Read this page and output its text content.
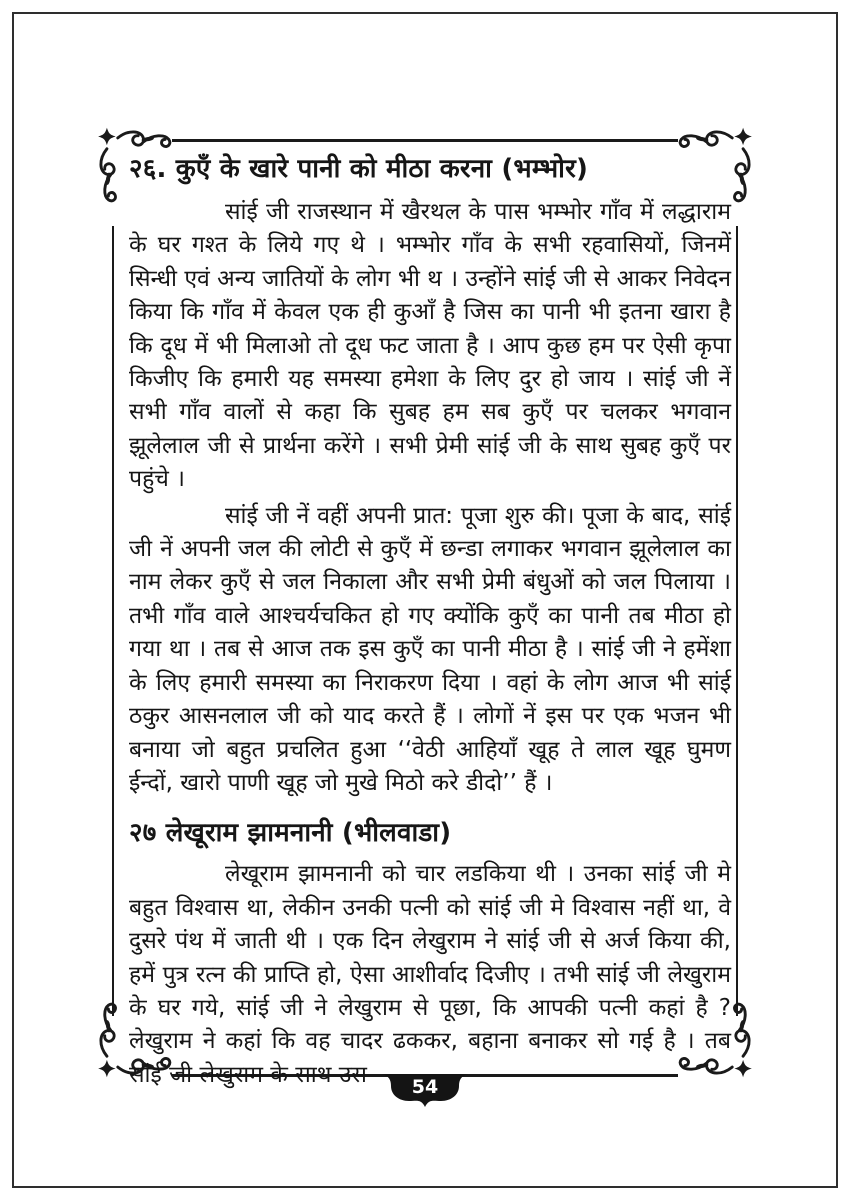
२६. कुएँ के खारे पानी को मीठा करना (भम्भोर)

सांई जी राजस्थान में खैरथल के पास भम्भोर गाँव में लद्धाराम के घर गश्त के लिये गए थे । भम्भोर गाँव के सभी रहवासियों, जिनमें सिन्धी एवं अन्य जातियों के लोग भी थ । उन्होंने सांई जी से आकर निवेदन किया कि गाँव में केवल एक ही कुआँ है जिस का पानी भी इतना खारा है कि दूध में भी मिलाओ तो दूध फट जाता है । आप कुछ हम पर ऐसी कृपा किजीए कि हमारी यह समस्या हमेशा के लिए दुर हो जाय । सांई जी नें सभी गाँव वालों से कहा कि सुबह हम सब कुएँ पर चलकर भगवान झूलेलाल जी से प्रार्थना करेंगे । सभी प्रेमी सांई जी के साथ सुबह कुएँ पर पहुंचे ।

सांई जी नें वहीं अपनी प्रात: पूजा शुरु की। पूजा के बाद, सांई जी नें अपनी जल की लोटी से कुएँ में छन्डा लगाकर भगवान झूलेलाल का नाम लेकर कुएँ से जल निकाला और सभी प्रेमी बंधुओं को जल पिलाया । तभी गाँव वाले आश्चर्यचकित हो गए क्योंकि कुएँ का पानी तब मीठा हो गया था । तब से आज तक इस कुएँ का पानी मीठा है । सांई जी ने हमेंशा के लिए हमारी समस्या का निराकरण दिया । वहां के लोग आज भी सांई ठकुर आसनलाल जी को याद करते हैं । लोगों नें इस पर एक भजन भी बनाया जो बहुत प्रचलित हुआ ‘‘वेठी आहियाँ खूह ते लाल खूह घुमण ईन्दों, खारो पाणी खूह जो मुखे मिठो करे डीदो’’ हैं ।

२७ लेखूराम झामनानी (भीलवाडा)

लेखूराम झामनानी को चार लडकिया थी । उनका सांई जी मे बहुत विश्वास था, लेकीन उनकी पत्नी को सांई जी मे विश्वास नहीं था, वे दुसरे पंथ में जाती थी । एक दिन लेखुराम ने सांई जी से अर्ज किया की, हमें पुत्र रत्न की प्राप्ति हो, ऐसा आशीर्वाद दिजीए । तभी सांई जी लेखुराम के घर गये, सांई जी ने लेखुराम से पूछा, कि आपकी पत्नी कहां है ? लेखुराम ने कहां कि वह चादर ढककर, बहाना बनाकर सो गई है । तब सांई जी लेखुराम के साथ उस	54
